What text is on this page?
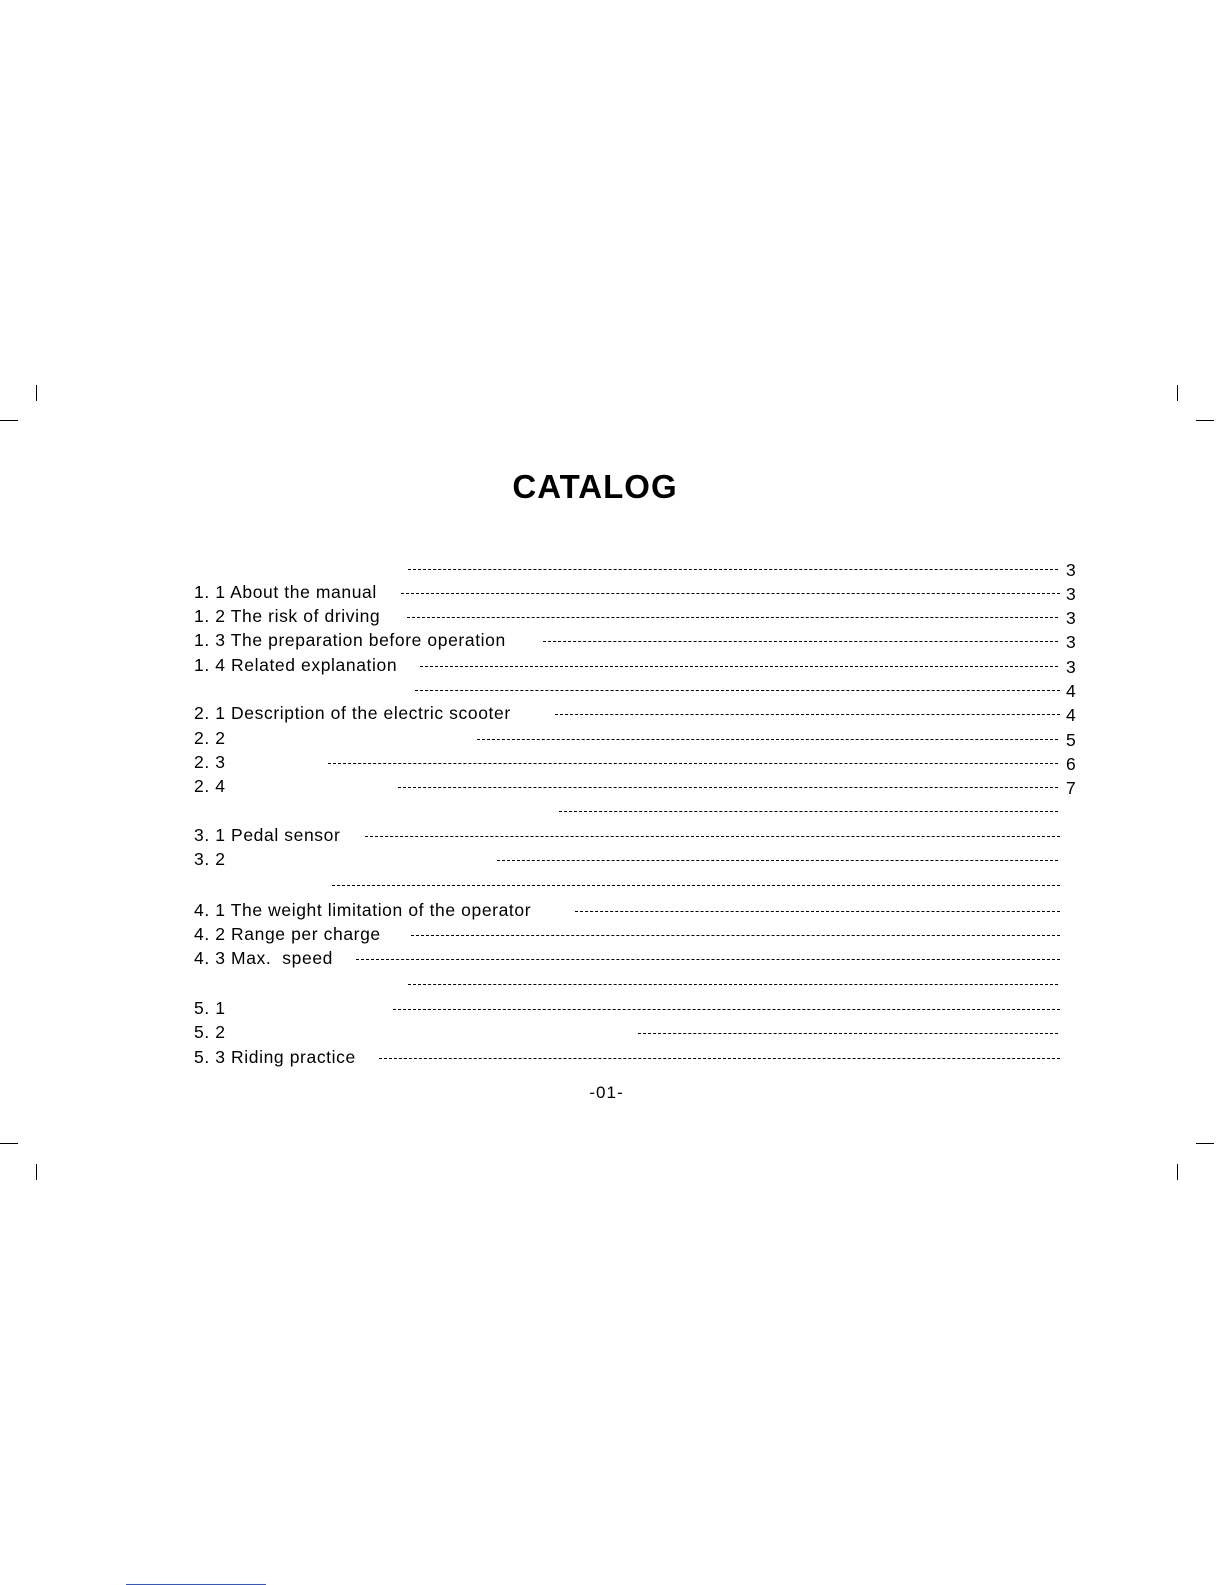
CATALOG
3
1. 1 About the manual	3
1. 2 The risk of driving	3
1. 3 The preparation before operation	3
1. 4 Related explanation	3
4
2. 1 Description of the electric scooter	4
2. 2	5
2. 3	6
2. 4	7
3. 1 Pedal sensor
3. 2
4. 1 The weight limitation of the operator
4. 2 Range per charge
4. 3 Max.  speed
5. 1
5. 2
5. 3 Riding practice
-01-
